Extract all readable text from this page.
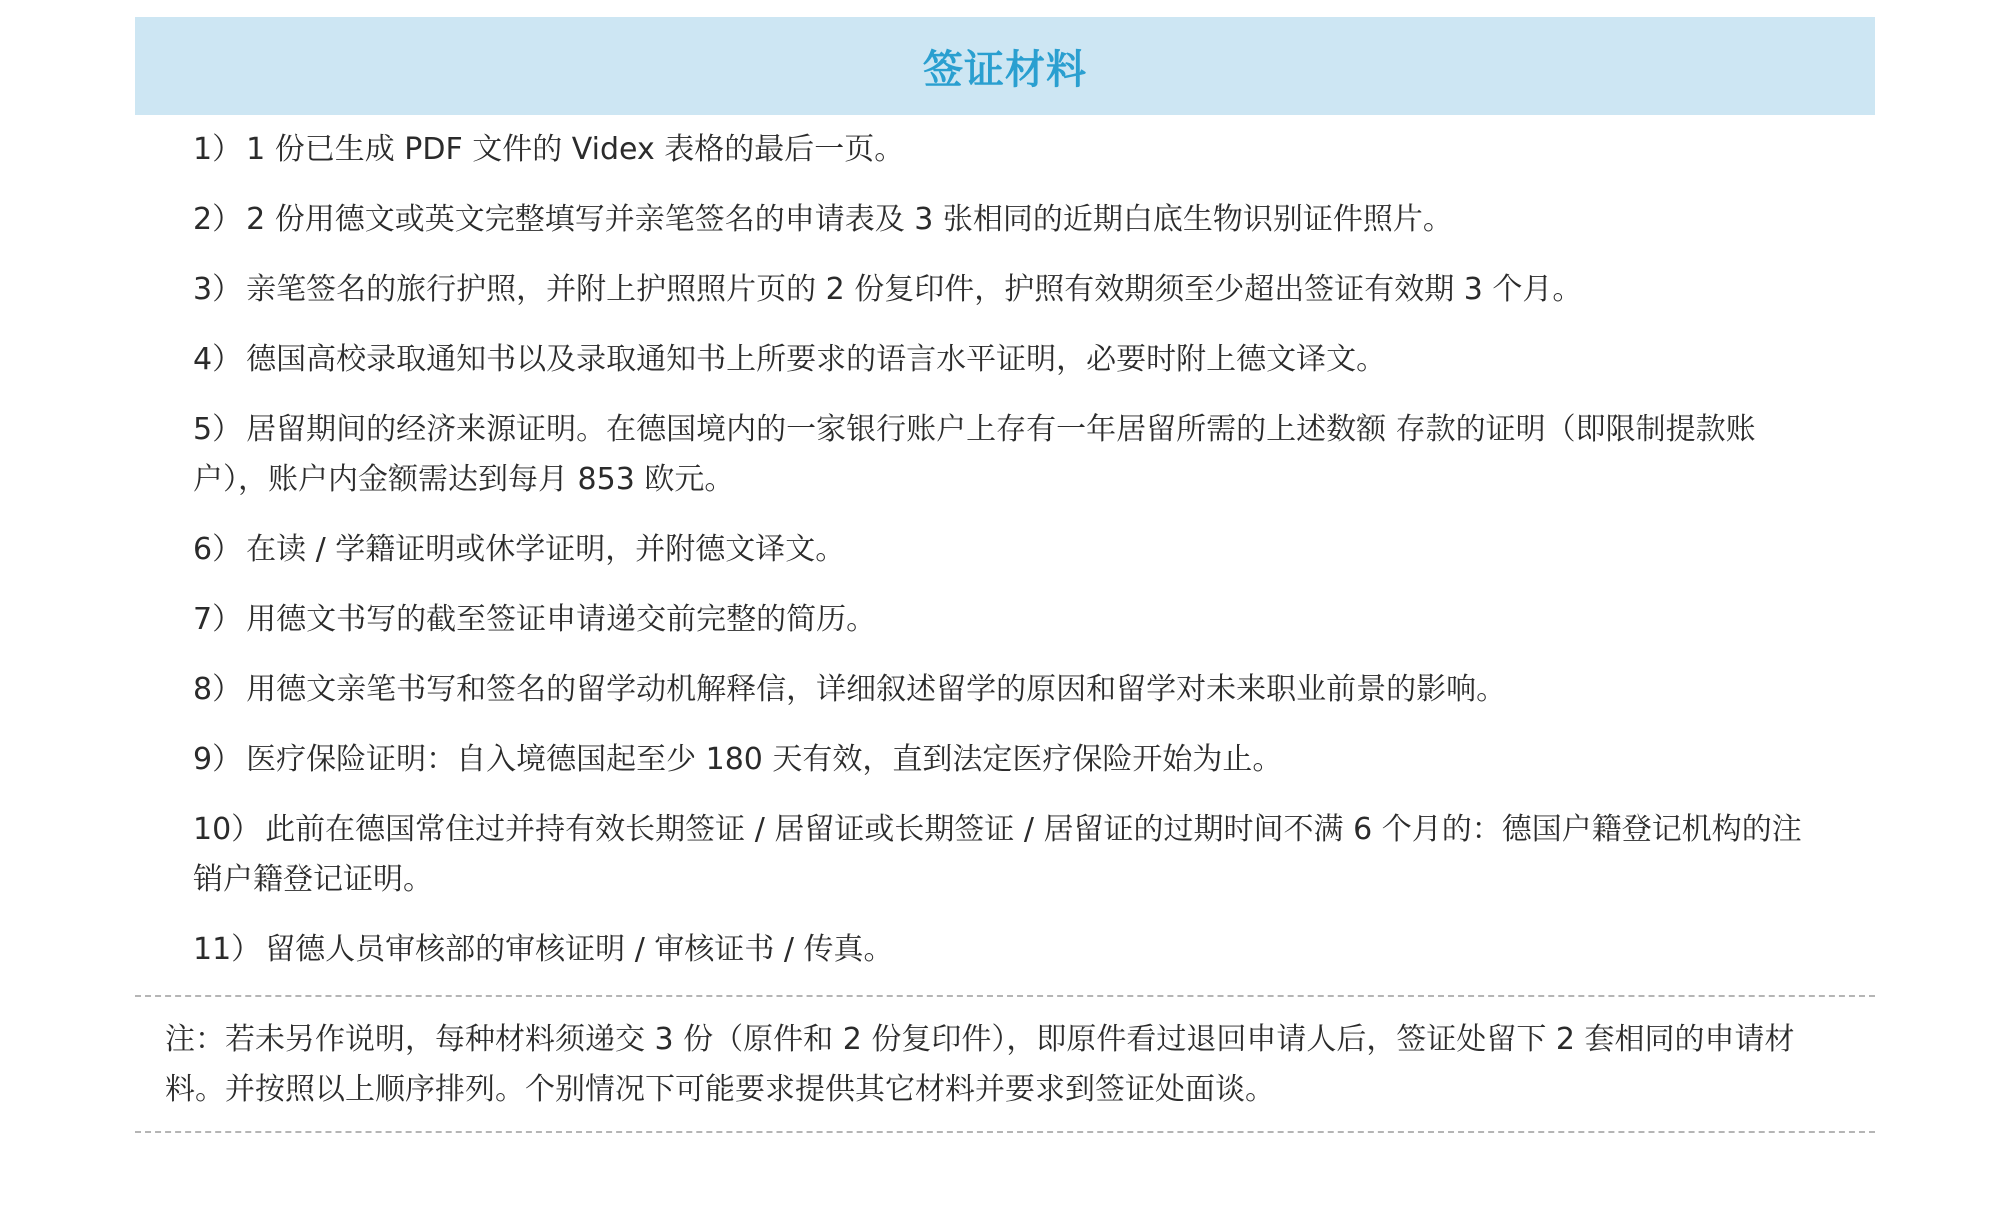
签证材料
1） 1 份已生成 PDF 文件的 Videx 表格的最后一页。
2） 2 份用德文或英文完整填写并亲笔签名的申请表及 3 张相同的近期白底生物识别证件照片。
3） 亲笔签名的旅行护照，并附上护照照片页的 2 份复印件，护照有效期须至少超出签证有效期 3 个月。
4） 德国高校录取通知书以及录取通知书上所要求的语言水平证明，必要时附上德文译文。
5） 居留期间的经济来源证明。在德国境内的一家银行账户上存有一年居留所需的上述数额 存款的证明（即限制提款账户），账户内金额需达到每月 853 欧元。
6） 在读 / 学籍证明或休学证明，并附德文译文。
7） 用德文书写的截至签证申请递交前完整的简历。
8） 用德文亲笔书写和签名的留学动机解释信，详细叙述留学的原因和留学对未来职业前景的影响。
9） 医疗保险证明：自入境德国起至少 180 天有效，直到法定医疗保险开始为止。
10） 此前在德国常住过并持有效长期签证 / 居留证或长期签证 / 居留证的过期时间不满 6 个月的：德国户籍登记机构的注销户籍登记证明。
11） 留德人员审核部的审核证明 / 审核证书 / 传真。
注：若未另作说明，每种材料须递交 3 份（原件和 2 份复印件），即原件看过退回申请人后，签证处留下 2 套相同的申请材料。并按照以上顺序排列。个别情况下可能要求提供其它材料并要求到签证处面谈。
